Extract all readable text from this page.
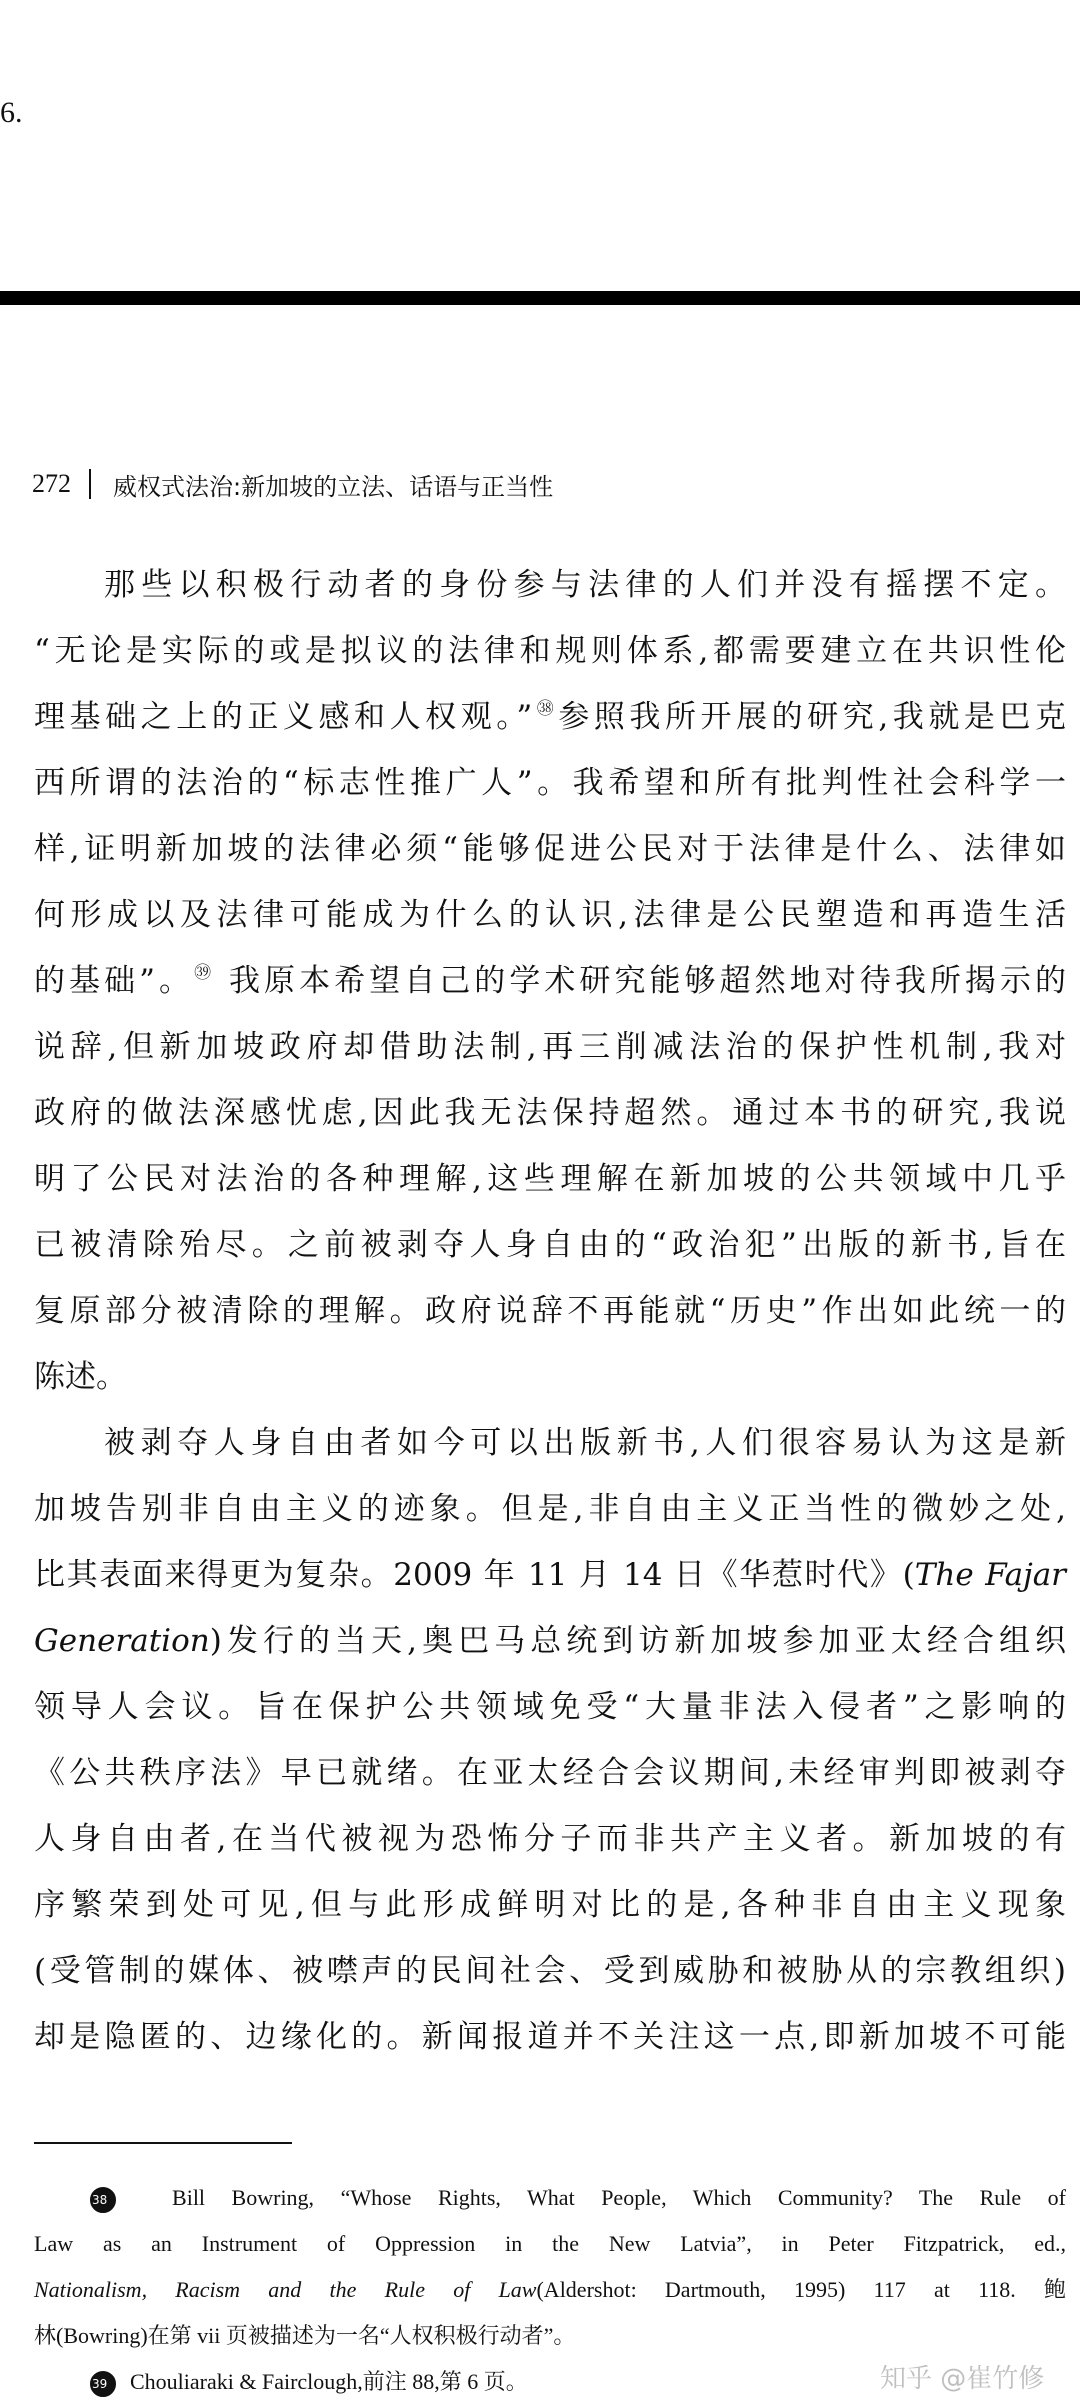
6.
272 威权式法治:新加坡的立法、话语与正当性
那些以积极行动者的身份参与法律的人们并没有摇摆不定。
“无论是实际的或是拟议的法律和规则体系,都需要建立在共识性伦
理基础之上的正义感和人权观。”$^㊳$参照我所开展的研究,我就是巴克
西所谓的法治的“标志性推广人”。我希望和所有批判性社会科学一
样,证明新加坡的法律必须“能够促进公民对于法律是什么、法律如
何形成以及法律可能成为什么的认识,法律是公民塑造和再造生活
的基础”。$^㊴$ 我原本希望自己的学术研究能够超然地对待我所揭示的
说辞,但新加坡政府却借助法制,再三削减法治的保护性机制,我对
政府的做法深感忧虑,因此我无法保持超然。通过本书的研究,我说
明了公民对法治的各种理解,这些理解在新加坡的公共领域中几乎
已被清除殆尽。之前被剥夺人身自由的“政治犯”出版的新书,旨在
复原部分被清除的理解。政府说辞不再能就“历史”作出如此统一的
陈述。
被剥夺人身自由者如今可以出版新书,人们很容易认为这是新
加坡告别非自由主义的迹象。但是,非自由主义正当性的微妙之处,
比其表面来得更为复杂。2009 年 11 月 14 日《华惹时代》(The Fajar
Generation)发行的当天,奥巴马总统到访新加坡参加亚太经合组织
领导人会议。旨在保护公共领域免受“大量非法入侵者”之影响的
《公共秩序法》早已就绪。在亚太经合会议期间,未经审判即被剥夺
人身自由者,在当代被视为恐怖分子而非共产主义者。新加坡的有
序繁荣到处可见,但与此形成鲜明对比的是,各种非自由主义现象
(受管制的媒体、被噤声的民间社会、受到威胁和被胁从的宗教组织)
却是隐匿的、边缘化的。新闻报道并不关注这一点,即新加坡不可能
38	Bill Bowring, “Whose Rights, What People, Which Community? The Rule of
Law as an Instrument of Oppression in the New Latvia”, in Peter Fitzpatrick, ed.,
Nationalism, Racism and the Rule of Law(Aldershot: Dartmouth, 1995) 117 at 118. 鲍
林(Bowring)在第 vii 页被描述为一名“人权积极行动者”。
39 Chouliaraki & Fairclough,前注 88,第 6 页。	知乎 @崔竹修
